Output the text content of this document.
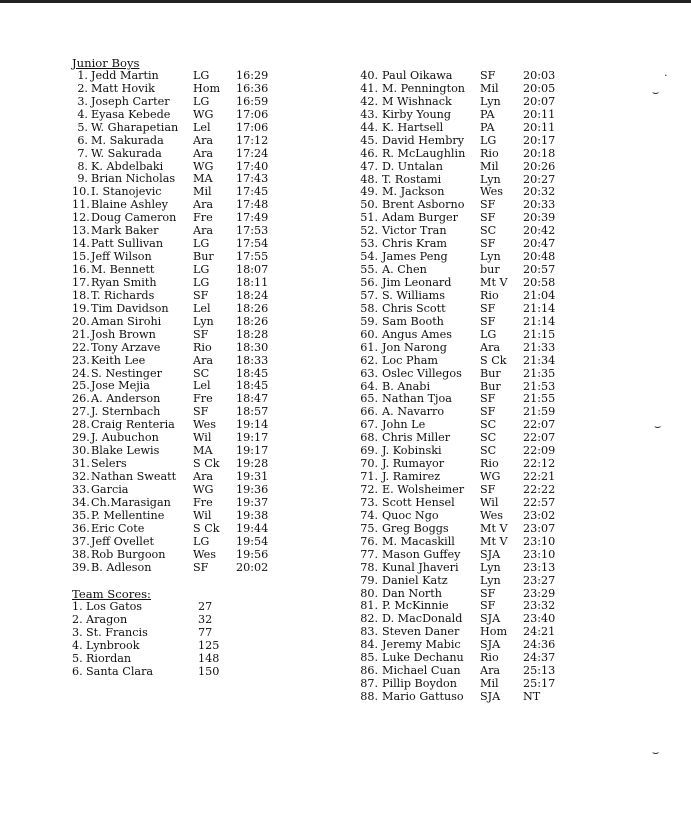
·
⌣
⌣
⌣
Junior Boys
1. Jedd Martin	LG 16:29
2. Matt Hovik	Hom 16:36
3. Joseph Carter LG 16:59
4. Eyasa Kebede WG 17:06
5. W. Gharapetian Lel 17:06
6. M. Sakurada	Ara 17:12
7. W. Sakurada	Ara 17:24
8. K. Abdelbaki	WG 17:40
9. Brian Nicholas MA 17:43
10. I. Stanojevic	Mil 17:45
11. Blaine Ashley Ara 17:48
12. Doug Cameron Fre 17:49
13. Mark Baker	Ara 17:53
14. Patt Sullivan	LG 17:54
15. Jeff Wilson	Bur 17:55
16. M. Bennett	LG 18:07
17. Ryan Smith	LG 18:11
18. T. Richards	SF 18:24
19. Tim Davidson Lel 18:26
20. Aman Sirohi	Lyn 18:26
21. Josh Brown	SF 18:28
22. Tony Arzave	Rio 18:30
23. Keith Lee	Ara 18:33
24. S. Nestinger	SC 18:45
25. Jose Mejia	Lel 18:45
26. A. Anderson	Fre 18:47
27. J. Sternbach	SF 18:57
28. Craig Renteria Wes 19:14
29. J. Aubuchon	Wil 19:17
30. Blake Lewis	MA 19:17
31. Selers	S Ck 19:28
32. Nathan Sweatt Ara 19:31
33. Garcia	WG 19:36
34. Ch.Marasigan Fre 19:37
35. P. Mellentine	Wil 19:38
36. Eric Cote	S Ck 19:44
37. Jeff Ovellet	LG 19:54
38. Rob Burgoon Wes 19:56
39. B. Adleson	SF 20:02
40. Paul Oikawa SF 20:03
41. M. Pennington Mil 20:05
42. M Wishnack	Lyn 20:07
43. Kirby Young	PA	20:11
44. K. Hartsell	PA	20:11
45. David Hembry LG 20:17
46. R. McLaughlin Rio 20:18
47. D. Untalan	Mil 20:26
48. T. Rostami	Lyn 20:27
49. M. Jackson	Wes 20:32
50. Brent Asborno SF 20:33
51. Adam Burger SF 20:39
52. Victor Tran	SC 20:42
53. Chris Kram	SF 20:47
54. James Peng	Lyn 20:48
55. A. Chen	bur 20:57
56. Jim Leonard	Mt V 20:58
57. S. Williams	Rio 21:04
58. Chris Scott	SF 21:14
59. Sam Booth	SF 21:14
60. Angus Ames	LG 21:15
61. Jon Narong	Ara 21:33
62. Loc Pham	S Ck 21:34
63. Oslec Villegos Bur 21:35
64. B. Anabi	Bur 21:53
65. Nathan Tjoa	SF 21:55
66. A. Navarro	SF 21:59
67. John Le	SC 22:07
68. Chris Miller	SC 22:07
69. J. Kobinski	SC 22:09
70. J. Rumayor	Rio 22:12
71. J. Ramirez	WG 22:21
72. E. Wolsheimer SF 22:22
73. Scott Hensel Wil 22:57
74. Quoc Ngo	Wes 23:02
75. Greg Boggs	Mt V 23:07
76. M. Macaskill Mt V 23:10
77. Mason Guffey SJA 23:10
78. Kunal Jhaveri Lyn 23:13
79. Daniel Katz	Lyn 23:27
80. Dan North	SF 23:29
81. P. McKinnie	SF 23:32
82. D. MacDonald SJA 23:40
83. Steven Daner Hom 24:21
84. Jeremy Mabic SJA 24:36
85. Luke Dechanu Rio 24:37
86. Michael Cuan Ara 25:13
87. Pillip Boydon Mil 25:17
88. Mario Gattuso SJA NT
Team Scores:
1. Los Gatos	27
2. Aragon	32
3. St. Francis	77
4. Lynbrook	125
5. Riordan	148
6. Santa Clara	150
